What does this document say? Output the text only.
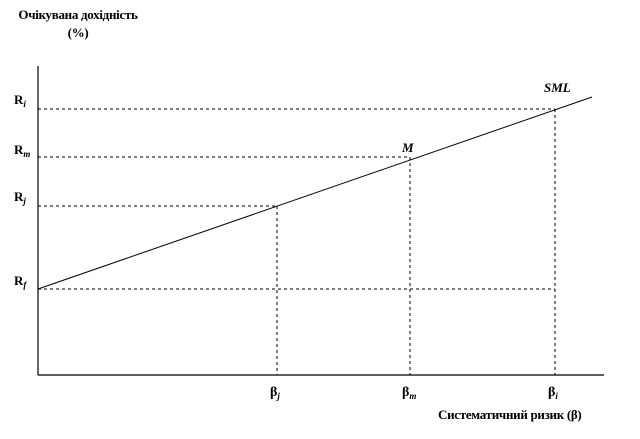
Очікувана дохідність
(%)
$R_i$
$R_m$
$R_j$
$R_f$
$\beta_j$	$\beta_m$	$\beta_i$
SML
M
Систематичний ризик (β)
